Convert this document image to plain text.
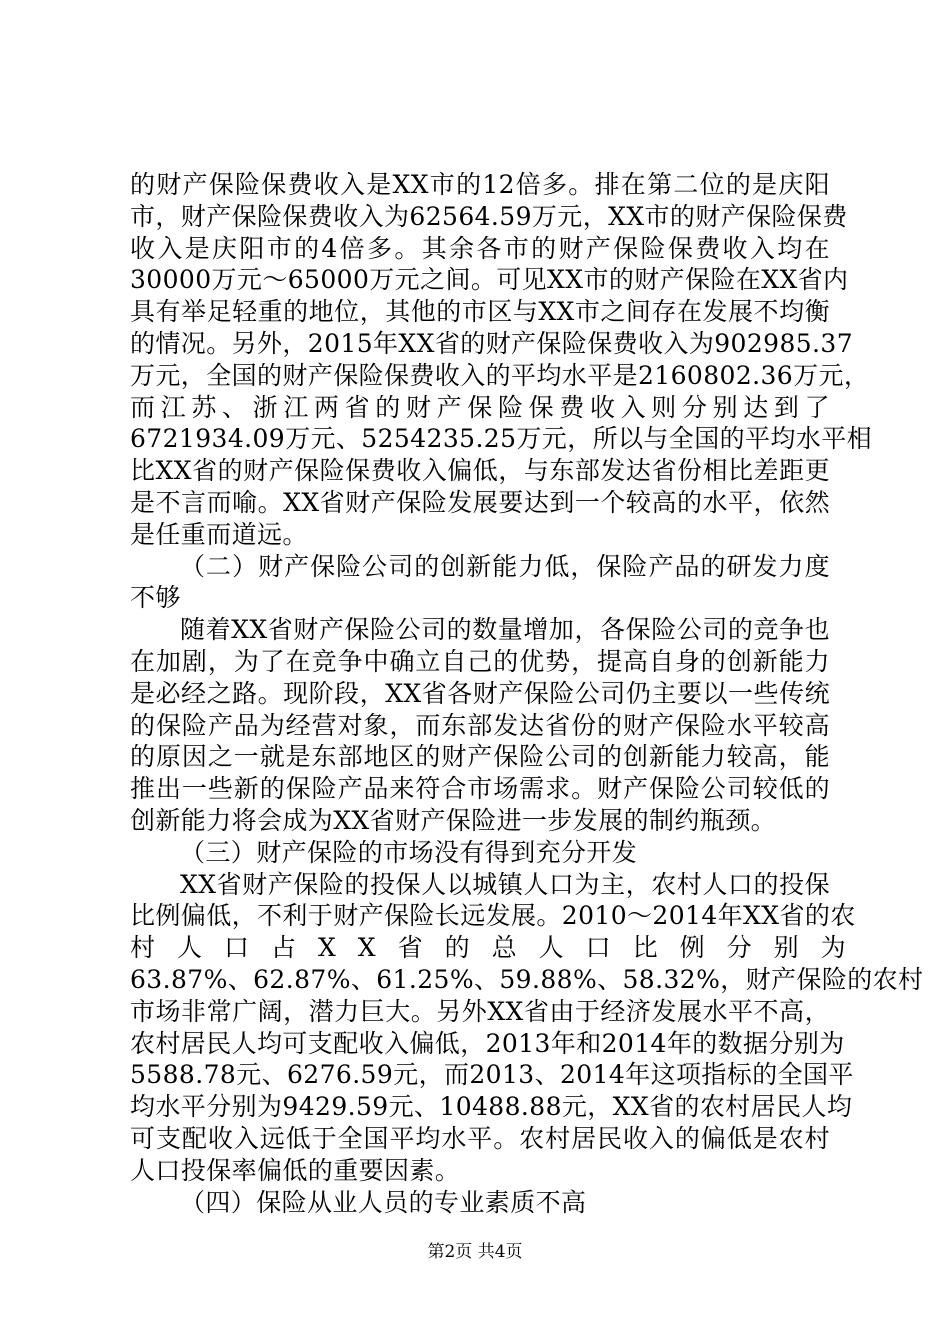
的财产保险保费收入是XX市的12倍多。排在第二位的是庆阳
市，财产保险保费收入为62564.59万元，XX市的财产保险保费
收入是庆阳市的4倍多。其余各市的财产保险保费收入均在
30000万元～65000万元之间。可见XX市的财产保险在XX省内
具有举足轻重的地位，其他的市区与XX市之间存在发展不均衡
的情况。另外，2015年XX省的财产保险保费收入为902985.37
万元，全国的财产保险保费收入的平均水平是2160802.36万元，
而江苏、浙江两省的财产保险保费收入则分别达到了
6721934.09万元、5254235.25万元，所以与全国的平均水平相
比XX省的财产保险保费收入偏低，与东部发达省份相比差距更
是不言而喻。XX省财产保险发展要达到一个较高的水平，依然
是任重而道远。
（二）财产保险公司的创新能力低，保险产品的研发力度
不够
随着XX省财产保险公司的数量增加，各保险公司的竞争也
在加剧，为了在竞争中确立自己的优势，提高自身的创新能力
是必经之路。现阶段，XX省各财产保险公司仍主要以一些传统
的保险产品为经营对象，而东部发达省份的财产保险水平较高
的原因之一就是东部地区的财产保险公司的创新能力较高，能
推出一些新的保险产品来符合市场需求。财产保险公司较低的
创新能力将会成为XX省财产保险进一步发展的制约瓶颈。
（三）财产保险的市场没有得到充分开发
XX省财产保险的投保人以城镇人口为主，农村人口的投保
比例偏低，不利于财产保险长远发展。2010～2014年XX省的农
村人口占XX省的总人口比例分别为
63.87%、62.87%、61.25%、59.88%、58.32%，财产保险的农村
市场非常广阔，潜力巨大。另外XX省由于经济发展水平不高，
农村居民人均可支配收入偏低，2013年和2014年的数据分别为
5588.78元、6276.59元，而2013、2014年这项指标的全国平
均水平分别为9429.59元、10488.88元，XX省的农村居民人均
可支配收入远低于全国平均水平。农村居民收入的偏低是农村
人口投保率偏低的重要因素。
（四）保险从业人员的专业素质不高
第2页 共4页
